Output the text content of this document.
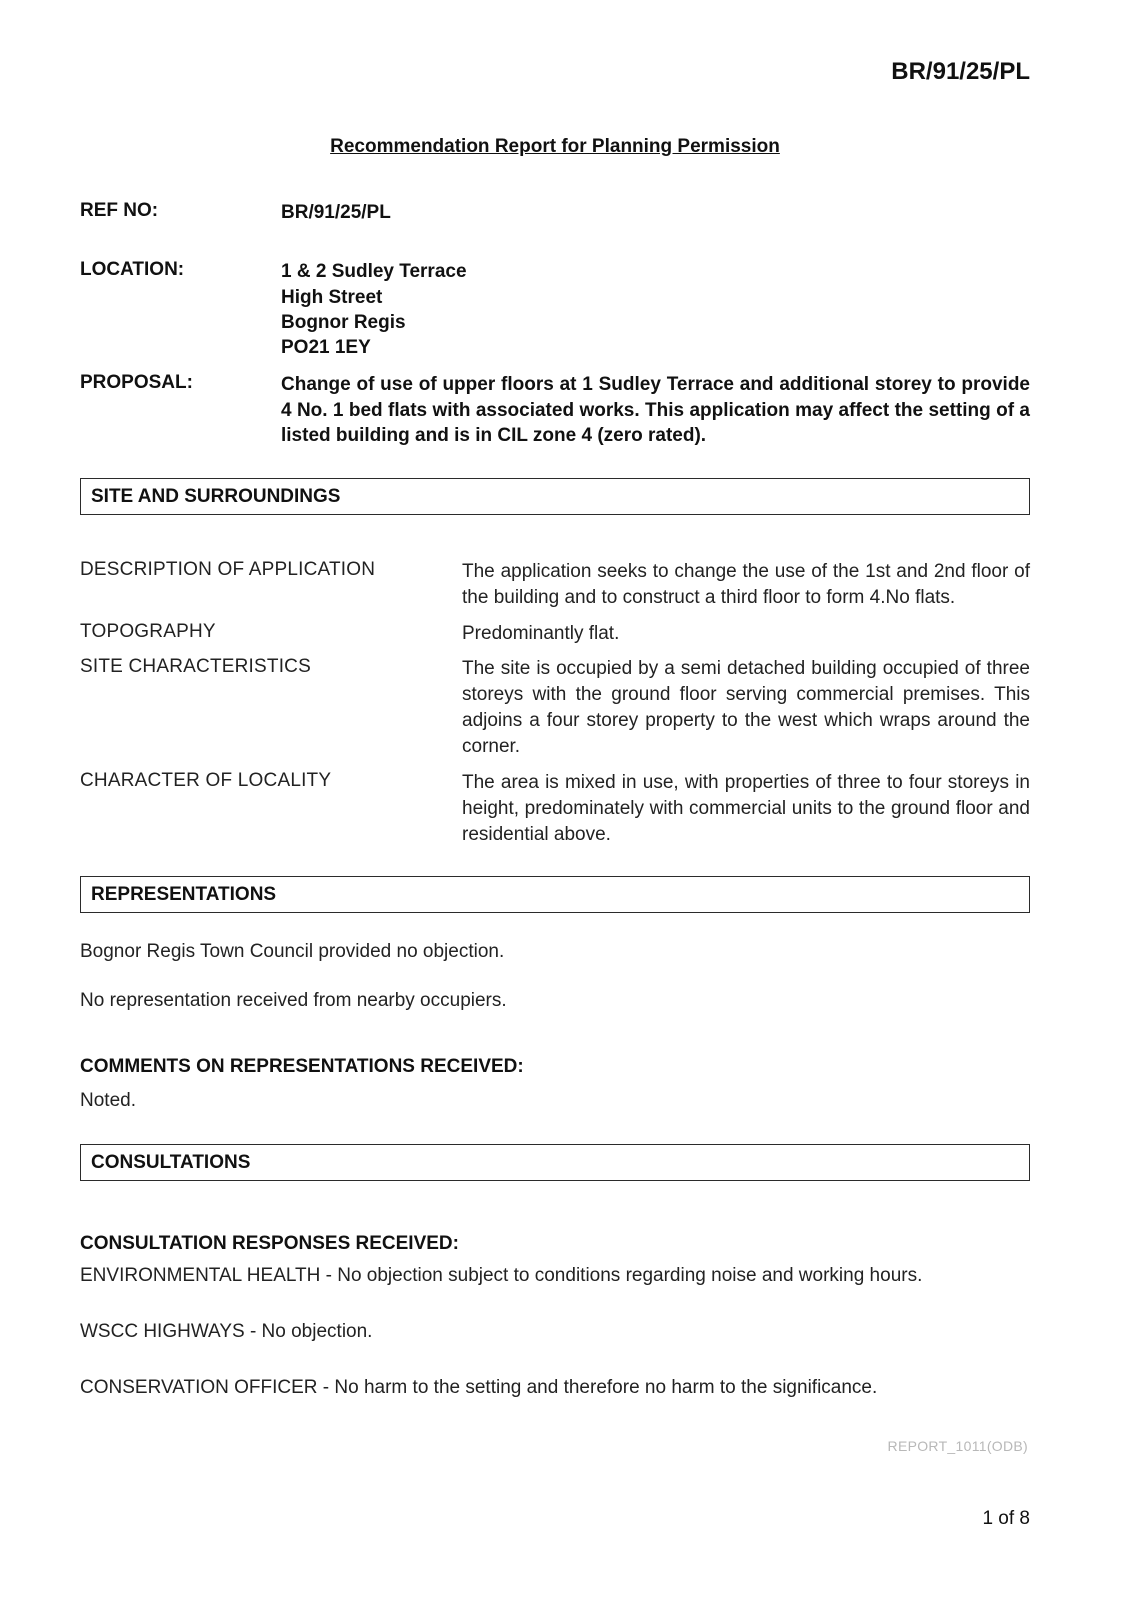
BR/91/25/PL
Recommendation Report for Planning Permission
REF NO:	BR/91/25/PL
LOCATION:	1 & 2 Sudley Terrace
High Street
Bognor Regis
PO21 1EY
PROPOSAL:	Change of use of upper floors at 1 Sudley Terrace and additional storey to provide 4 No. 1 bed flats with associated works. This application may affect the setting of a listed building and is in CIL zone 4 (zero rated).
SITE AND SURROUNDINGS
DESCRIPTION OF APPLICATION	The application seeks to change the use of the 1st and 2nd floor of the building and to construct a third floor to form 4.No flats.
TOPOGRAPHY	Predominantly flat.
SITE CHARACTERISTICS	The site is occupied by a semi detached building occupied of three storeys with the ground floor serving commercial premises. This adjoins a four storey property to the west which wraps around the corner.
CHARACTER OF LOCALITY	The area is mixed in use, with properties of three to four storeys in height, predominately with commercial units to the ground floor and residential above.
REPRESENTATIONS
Bognor Regis Town Council provided no objection.
No representation received from nearby occupiers.
COMMENTS ON REPRESENTATIONS RECEIVED:
Noted.
CONSULTATIONS
CONSULTATION RESPONSES RECEIVED:
ENVIRONMENTAL HEALTH - No objection subject to conditions regarding noise and working hours.
WSCC HIGHWAYS - No objection.
CONSERVATION OFFICER - No harm to the setting and therefore no harm to the significance.
REPORT_1011(ODB)
1 of 8
